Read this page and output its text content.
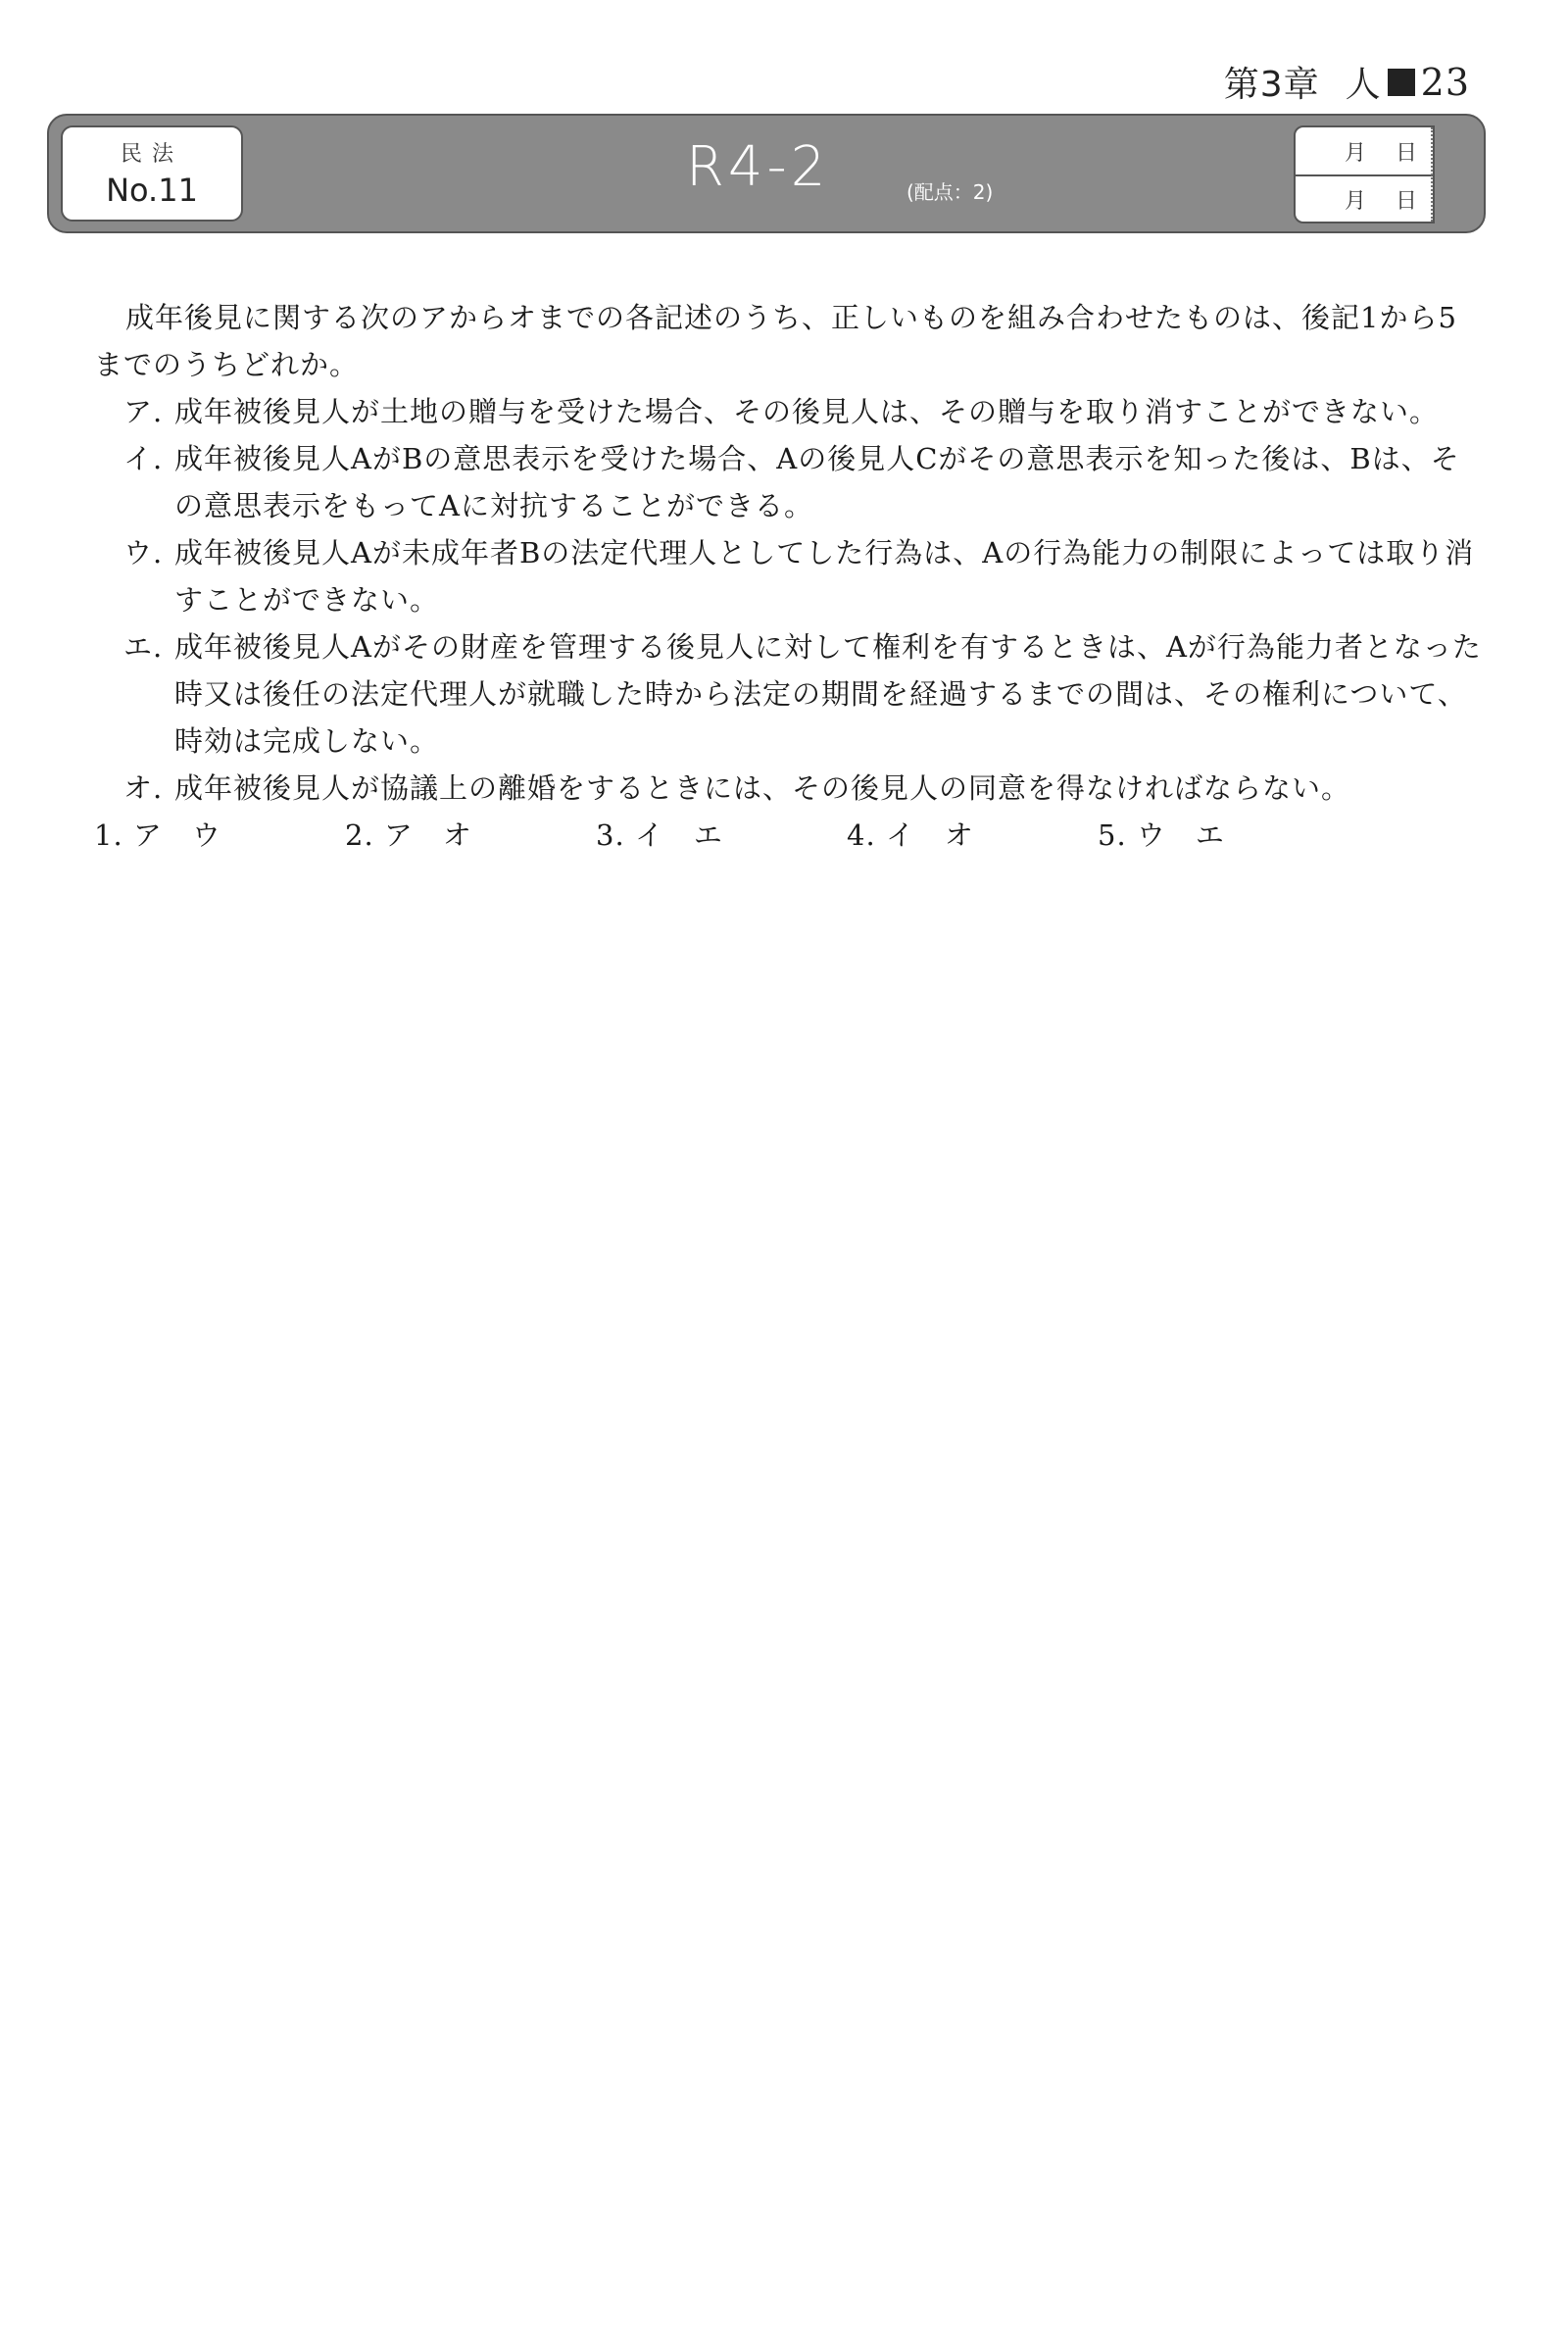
第3章 人 23
民法
No.11	R4-2	(配点：2)
月 日
月 日

成年後見に関する次のアからオまでの各記述のうち、正しいものを組み合わせたものは、後記1から5までのうちどれか。

ア. 成年被後見人が土地の贈与を受けた場合、その後見人は、その贈与を取り消すことができない。

イ. 成年被後見人AがBの意思表示を受けた場合、Aの後見人Cがその意思表示を知った後は、Bは、その意思表示をもってAに対抗することができる。

ウ. 成年被後見人Aが未成年者Bの法定代理人としてした行為は、Aの行為能力の制限によっては取り消すことができない。

エ. 成年被後見人Aがその財産を管理する後見人に対して権利を有するときは、Aが行為能力者となった時又は後任の法定代理人が就職した時から法定の期間を経過するまでの間は、その権利について、時効は完成しない。

オ. 成年被後見人が協議上の離婚をするときには、その後見人の同意を得なければならない。

1. ア　ウ	2. ア　オ	3. イ　エ	4. イ　オ	5. ウ　エ
